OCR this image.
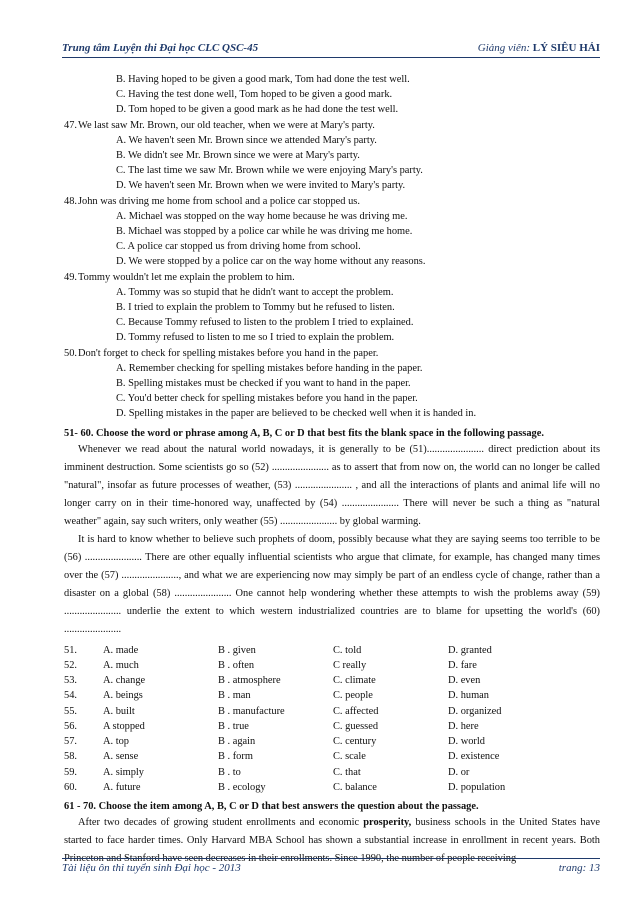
Trung tâm Luyện thi Đại học CLC QSC-45	Giảng viên: LÝ SIÊU HẢI
B. Having hoped to be given a good mark, Tom had done the test well.
C. Having the test done well, Tom hoped to be given a good mark.
D. Tom hoped to be given a good mark as he had done the test well.
47. We last saw Mr. Brown, our old teacher, when we were at Mary's party.
A. We haven't seen Mr. Brown since we attended Mary's party.
B. We didn't see Mr. Brown since we were at Mary's party.
C. The last time we saw Mr. Brown while we were enjoying Mary's party.
D. We haven't seen Mr. Brown when we were invited to Mary's party.
48. John was driving me home from school and a police car stopped us.
A. Michael was stopped on the way home because he was driving me.
B. Michael was stopped by a police car while he was driving me home.
C. A police car stopped us from driving home from school.
D. We were stopped by a police car on the way home without any reasons.
49. Tommy wouldn't let me explain the problem to him.
A. Tommy was so stupid that he didn't want to accept the problem.
B. I tried to explain the problem to Tommy but he refused to listen.
C. Because Tommy refused to listen to the problem I tried to explained.
D. Tommy refused to listen to me so I tried to explain the problem.
50. Don't forget to check for spelling mistakes before you hand in the paper.
A. Remember checking for spelling mistakes before handing in the paper.
B. Spelling mistakes must be checked if you want to hand in the paper.
C. You'd better check for spelling mistakes before you hand in the paper.
D. Spelling mistakes in the paper are believed to be checked well when it is handed in.
51- 60. Choose the word or phrase among A, B, C or D that best fits the blank space in the following passage.

Whenever we read about the natural world nowadays, it is generally to be (51)...................... direct prediction about its imminent destruction. Some scientists go so (52) ...................... as to assert that from now on, the world can no longer be called "natural", insofar as future processes of weather, (53) ...................... , and all the interactions of plants and animal life will no longer carry on in their time-honored way, unaffected by (54) ...................... There will never be such a thing as "natural weather" again, say such writers, only weather (55) ...................... by global warming.

It is hard to know whether to believe such prophets of doom, possibly because what they are saying seems too terrible to be (56) ...................... There are other equally influential scientists who argue that climate, for example, has changed many times over the (57) ......................, and what we are experiencing now may simply be part of an endless cycle of change, rather than a disaster on a global (58) ...................... One cannot help wondering whether these attempts to wish the problems away (59) ...................... underlie the extent to which western industrialized countries are to blame for upsetting the world's (60) ......................

51.	A. made	B . given	C. told	D. granted
52.	A. much	B . often	C really	D. fare
53.	A. change	B . atmosphere	C. climate	D. even
54.	A. beings	B . man	C. people	D. human
55.	A. built	B . manufacture	C. affected	D. organized
56.	A stopped	B . true	C. guessed	D. here
57.	A. top	B . again	C. century	D. world
58.	A. sense	B . form	C. scale	D. existence
59.	A. simply	B . to	C. that	D. or
60.	A. future	B . ecology	C. balance	D. population
61 - 70. Choose the item among A, B, C or D that best answers the question about the passage.

After two decades of growing student enrollments and economic prosperity, business schools in the United States have started to face harder times. Only Harvard MBA School has shown a substantial increase in enrollment in recent years. Both Princeton and Stanford have seen decreases in their enrollments. Since 1990, the number of people receiving

Tài liệu ôn thi tuyển sinh Đại học - 2013	trang: 13
